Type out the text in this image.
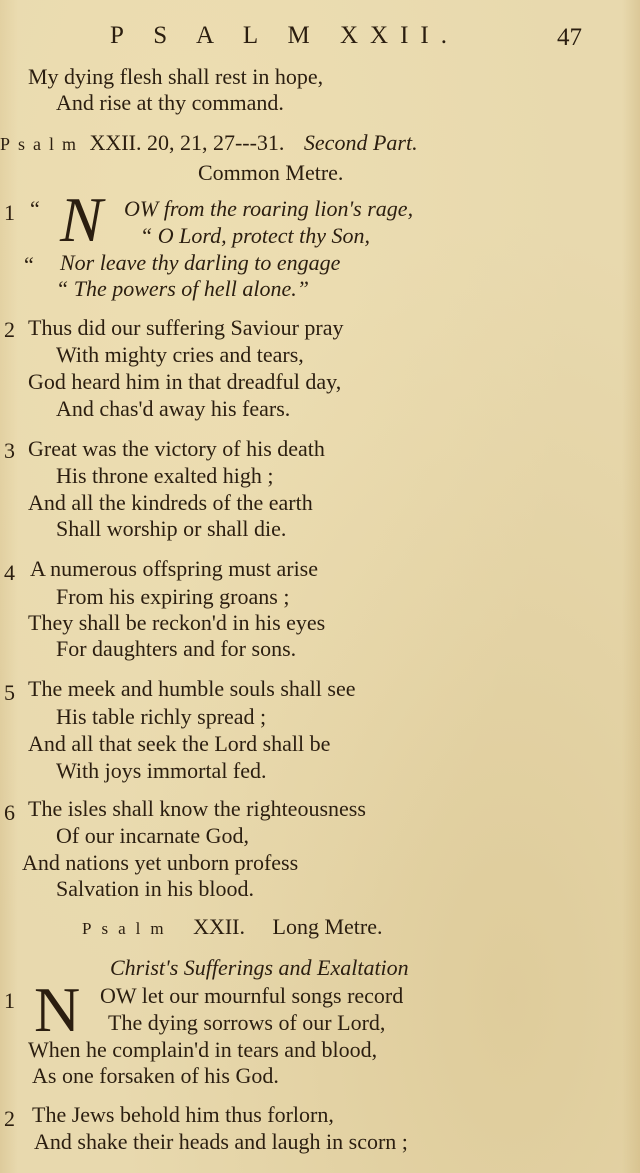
P S A L M XXII.	47
My dying flesh shall rest in hope,
And rise at thy command.
Psalm XXII. 20, 21, 27---31. Second Part.
Common Metre.
1 “ N OW from the roaring lion's rage,
“ O Lord, protect thy Son,
“ Nor leave thy darling to engage
“ The powers of hell alone.”
2 Thus did our suffering Saviour pray
With mighty cries and tears,
God heard him in that dreadful day,
And chas'd away his fears.
3 Great was the victory of his death
His throne exalted high ;
And all the kindreds of the earth
Shall worship or shall die.
4 A numerous offspring must arise
From his expiring groans ;
They shall be reckon'd in his eyes
For daughters and for sons.
5 The meek and humble souls shall see
His table richly spread ;
And all that seek the Lord shall be
With joys immortal fed.
6 The isles shall know the righteousness
Of our incarnate God,
And nations yet unborn profess
Salvation in his blood.
Psalm XXII. Long Metre.
Christ's Sufferings and Exaltation
1 N OW let our mournful songs record
The dying sorrows of our Lord,
When he complain'd in tears and blood,
As one forsaken of his God.
2 The Jews behold him thus forlorn,
And shake their heads and laugh in scorn ;
